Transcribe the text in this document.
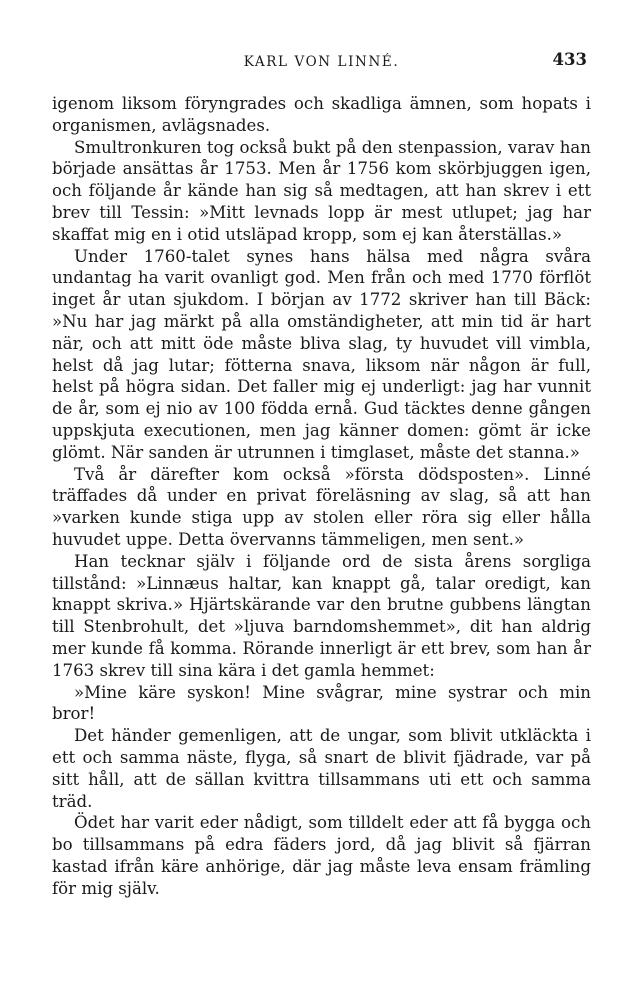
KARL VON LINNÉ.	433

igenom liksom föryngrades och skadliga ämnen, som hopats i organismen, avlägsnades.

Smultronkuren tog också bukt på den stenpassion, varav han började ansättas år 1753. Men år 1756 kom skörbjuggen igen, och följande år kände han sig så medtagen, att han skrev i ett brev till Tessin: »Mitt levnads lopp är mest utlupet; jag har skaffat mig en i otid utsläpad kropp, som ej kan återställas.»

Under 1760-talet synes hans hälsa med några svåra undantag ha varit ovanligt god. Men från och med 1770 förflöt inget år utan sjukdom. I början av 1772 skriver han till Bäck: »Nu har jag märkt på alla omständigheter, att min tid är hart när, och att mitt öde måste bliva slag, ty huvudet vill vimbla, helst då jag lutar; fötterna snava, liksom när någon är full, helst på högra sidan. Det faller mig ej underligt: jag har vunnit de år, som ej nio av 100 födda ernå. Gud täcktes denne gången uppskjuta executionen, men jag känner domen: gömt är icke glömt. När sanden är utrunnen i timglaset, måste det stanna.»

Två år därefter kom också »första dödsposten». Linné träffades då under en privat föreläsning av slag, så att han »varken kunde stiga upp av stolen eller röra sig eller hålla huvudet uppe. Detta övervanns tämmeligen, men sent.»

Han tecknar själv i följande ord de sista årens sorgliga tillstånd: »Linnæus haltar, kan knappt gå, talar oredigt, kan knappt skriva.» Hjärtskärande var den brutne gubbens längtan till Stenbrohult, det »ljuva barndomshemmet», dit han aldrig mer kunde få komma. Rörande innerligt är ett brev, som han år 1763 skrev till sina kära i det gamla hemmet:

»Mine käre syskon! Mine svågrar, mine systrar och min bror!

Det händer gemenligen, att de ungar, som blivit utkläckta i ett och samma näste, flyga, så snart de blivit fjädrade, var på sitt håll, att de sällan kvittra tillsammans uti ett och samma träd.

Ödet har varit eder nådigt, som tilldelt eder att få bygga och bo tillsammans på edra fäders jord, då jag blivit så fjärran kastad ifrån käre anhörige, där jag måste leva ensam främling för mig själv.
